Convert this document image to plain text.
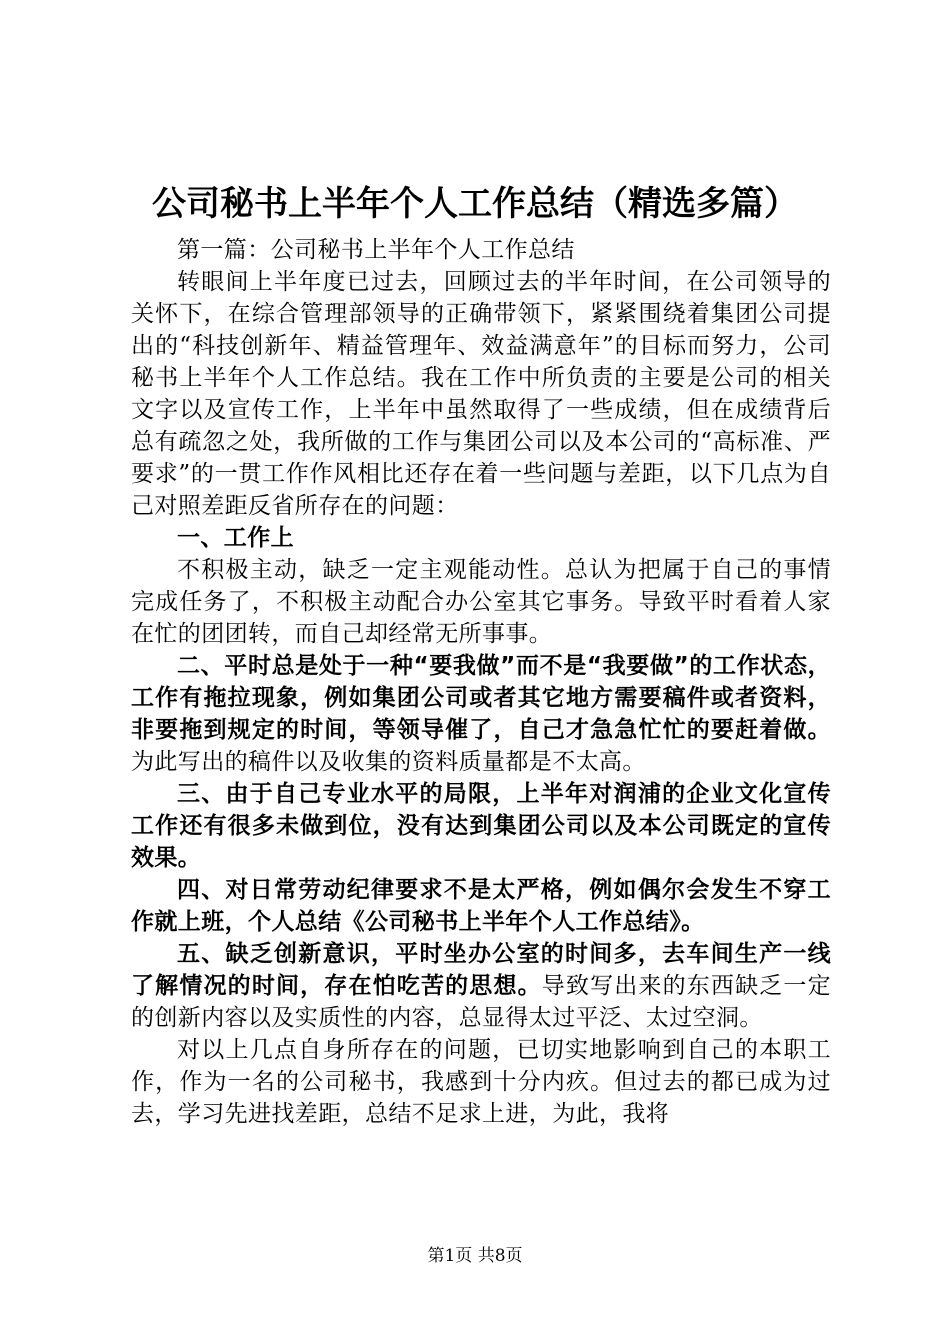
公司秘书上半年个人工作总结（精选多篇）

第一篇：公司秘书上半年个人工作总结

转眼间上半年度已过去，回顾过去的半年时间，在公司领导的关怀下，在综合管理部领导的正确带领下，紧紧围绕着集团公司提出的“科技创新年、精益管理年、效益满意年”的目标而努力，公司秘书上半年个人工作总结。我在工作中所负责的主要是公司的相关文字以及宣传工作，上半年中虽然取得了一些成绩，但在成绩背后总有疏忽之处，我所做的工作与集团公司以及本公司的“高标准、严要求”的一贯工作作风相比还存在着一些问题与差距，以下几点为自己对照差距反省所存在的问题：

一、工作上

不积极主动，缺乏一定主观能动性。总认为把属于自己的事情完成任务了，不积极主动配合办公室其它事务。导致平时看着人家在忙的团团转，而自己却经常无所事事。

二、平时总是处于一种“要我做”而不是“我要做”的工作状态，工作有拖拉现象，例如集团公司或者其它地方需要稿件或者资料，非要拖到规定的时间，等领导催了，自己才急急忙忙的要赶着做。为此写出的稿件以及收集的资料质量都是不太高。

三、由于自己专业水平的局限，上半年对润浦的企业文化宣传工作还有很多未做到位，没有达到集团公司以及本公司既定的宣传效果。

四、对日常劳动纪律要求不是太严格，例如偶尔会发生不穿工作就上班，个人总结《公司秘书上半年个人工作总结》。

五、缺乏创新意识，平时坐办公室的时间多，去车间生产一线了解情况的时间，存在怕吃苦的思想。导致写出来的东西缺乏一定的创新内容以及实质性的内容，总显得太过平泛、太过空洞。

对以上几点自身所存在的问题，已切实地影响到自己的本职工作，作为一名的公司秘书，我感到十分内疚。但过去的都已成为过去，学习先进找差距，总结不足求上进，为此，我将

第1页 共8页
